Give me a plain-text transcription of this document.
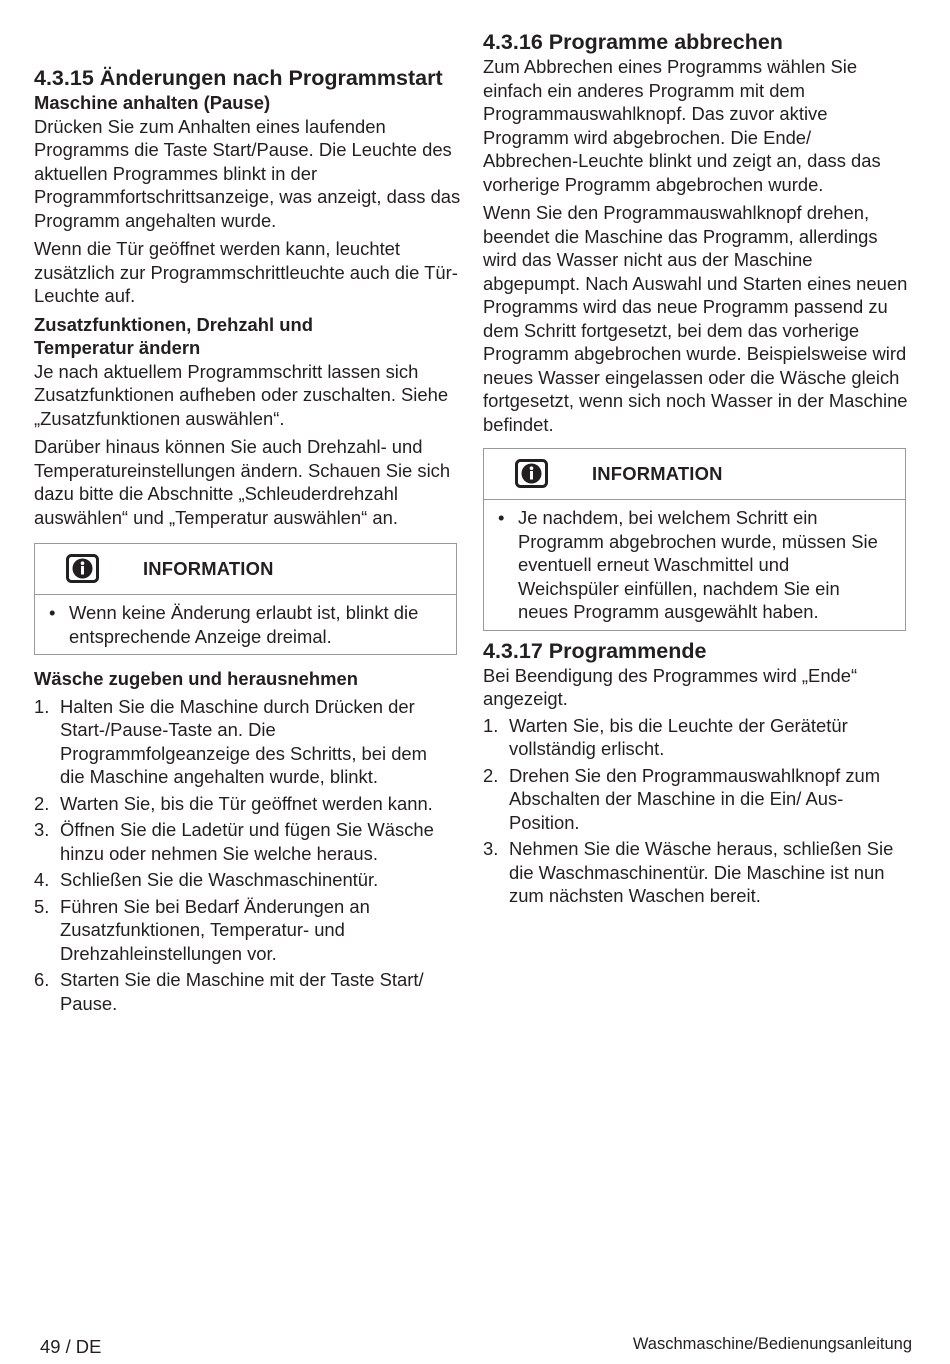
4.3.15 Änderungen nach Programmstart
Maschine anhalten (Pause)

Drücken Sie zum Anhalten eines laufenden Programms die Taste Start/Pause. Die Leuchte des aktuellen Programmes blinkt in der Programmfortschrittsanzeige, was anzeigt, dass das Programm angehalten wurde.

Wenn die Tür geöffnet werden kann, leuchtet zusätzlich zur Programmschrittleuchte auch die Tür-Leuchte auf.

Zusatzfunktionen, Drehzahl und Temperatur ändern

Je nach aktuellem Programmschritt lassen sich Zusatzfunktionen aufheben oder zuschalten. Siehe „Zusatzfunktionen auswählen“.

Darüber hinaus können Sie auch Drehzahl- und Temperatureinstellungen ändern. Schauen Sie sich dazu bitte die Abschnitte „Schleuderdrehzahl auswählen“ und „Temperatur auswählen“ an.

INFORMATION
• Wenn keine Änderung erlaubt ist, blinkt die entsprechende Anzeige dreimal.
Wäsche zugeben und herausnehmen
1. Halten Sie die Maschine durch Drücken der Start-/Pause-Taste an. Die Programmfolgeanzeige des Schritts, bei dem die Maschine angehalten wurde, blinkt.
2. Warten Sie, bis die Tür geöffnet werden kann.
3. Öffnen Sie die Ladetür und fügen Sie Wäsche hinzu oder nehmen Sie welche heraus.
4. Schließen Sie die Waschmaschinentür.
5. Führen Sie bei Bedarf Änderungen an Zusatzfunktionen, Temperatur- und Drehzahleinstellungen vor.
6. Starten Sie die Maschine mit der Taste Start/ Pause.
4.3.16 Programme abbrechen

Zum Abbrechen eines Programms wählen Sie einfach ein anderes Programm mit dem Programmauswahlknopf. Das zuvor aktive Programm wird abgebrochen. Die Ende/ Abbrechen-Leuchte blinkt und zeigt an, dass das vorherige Programm abgebrochen wurde.

Wenn Sie den Programmauswahlknopf drehen, beendet die Maschine das Programm, allerdings wird das Wasser nicht aus der Maschine abgepumpt. Nach Auswahl und Starten eines neuen Programms wird das neue Programm passend zu dem Schritt fortgesetzt, bei dem das vorherige Programm abgebrochen wurde. Beispielsweise wird neues Wasser eingelassen oder die Wäsche gleich fortgesetzt, wenn sich noch Wasser in der Maschine befindet.

INFORMATION
• Je nachdem, bei welchem Schritt ein Programm abgebrochen wurde, müssen Sie eventuell erneut Waschmittel und Weichspüler einfüllen, nachdem Sie ein neues Programm ausgewählt haben.
4.3.17 Programmende

Bei Beendigung des Programmes wird „Ende“ angezeigt.

1. Warten Sie, bis die Leuchte der Gerätetür vollständig erlischt.
2. Drehen Sie den Programmauswahlknopf zum Abschalten der Maschine in die Ein/ Aus-Position.
3. Nehmen Sie die Wäsche heraus, schließen Sie die Waschmaschinentür. Die Maschine ist nun zum nächsten Waschen bereit.
49 / DE	Waschmaschine/Bedienungsanleitung
